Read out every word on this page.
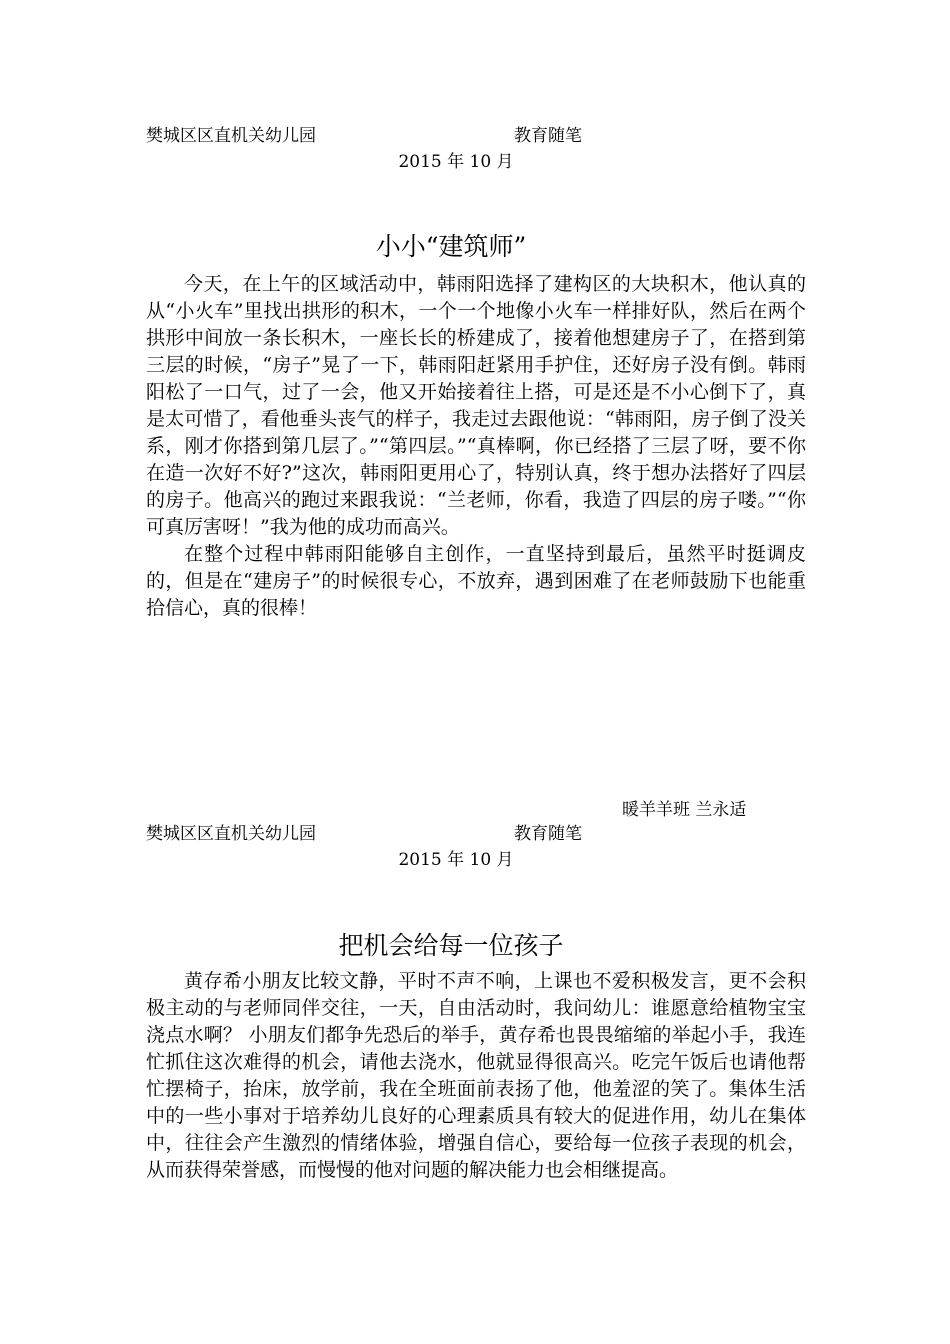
樊城区区直机关幼儿园	教育随笔
2015 年 10 月
小小“建筑师”

今天，在上午的区域活动中，韩雨阳选择了建构区的大块积木，他认真的从“小火车”里找出拱形的积木，一个一个地像小火车一样排好队，然后在两个拱形中间放一条长积木，一座长长的桥建成了，接着他想建房子了，在搭到第三层的时候，“房子”晃了一下，韩雨阳赶紧用手护住，还好房子没有倒。韩雨阳松了一口气，过了一会，他又开始接着往上搭，可是还是不小心倒下了，真是太可惜了，看他垂头丧气的样子，我走过去跟他说：“韩雨阳，房子倒了没关系，刚才你搭到第几层了。”“第四层。”“真棒啊，你已经搭了三层了呀，要不你在造一次好不好?”这次，韩雨阳更用心了，特别认真，终于想办法搭好了四层的房子。他高兴的跑过来跟我说：“兰老师，你看，我造了四层的房子喽。”“你可真厉害呀！”我为他的成功而高兴。

在整个过程中韩雨阳能够自主创作，一直坚持到最后，虽然平时挺调皮的，但是在“建房子”的时候很专心，不放弃，遇到困难了在老师鼓励下也能重拾信心，真的很棒！

暖羊羊班 兰永适
樊城区区直机关幼儿园	教育随笔
2015 年 10 月
把机会给每一位孩子

黄存希小朋友比较文静，平时不声不响，上课也不爱积极发言，更不会积极主动的与老师同伴交往，一天，自由活动时，我问幼儿：谁愿意给植物宝宝浇点水啊？ 小朋友们都争先恐后的举手，黄存希也畏畏缩缩的举起小手，我连忙抓住这次难得的机会，请他去浇水，他就显得很高兴。吃完午饭后也请他帮忙摆椅子，抬床，放学前，我在全班面前表扬了他，他羞涩的笑了。集体生活中的一些小事对于培养幼儿良好的心理素质具有较大的促进作用，幼儿在集体中，往往会产生激烈的情绪体验，增强自信心，要给每一位孩子表现的机会，从而获得荣誉感，而慢慢的他对问题的解决能力也会相继提高。
